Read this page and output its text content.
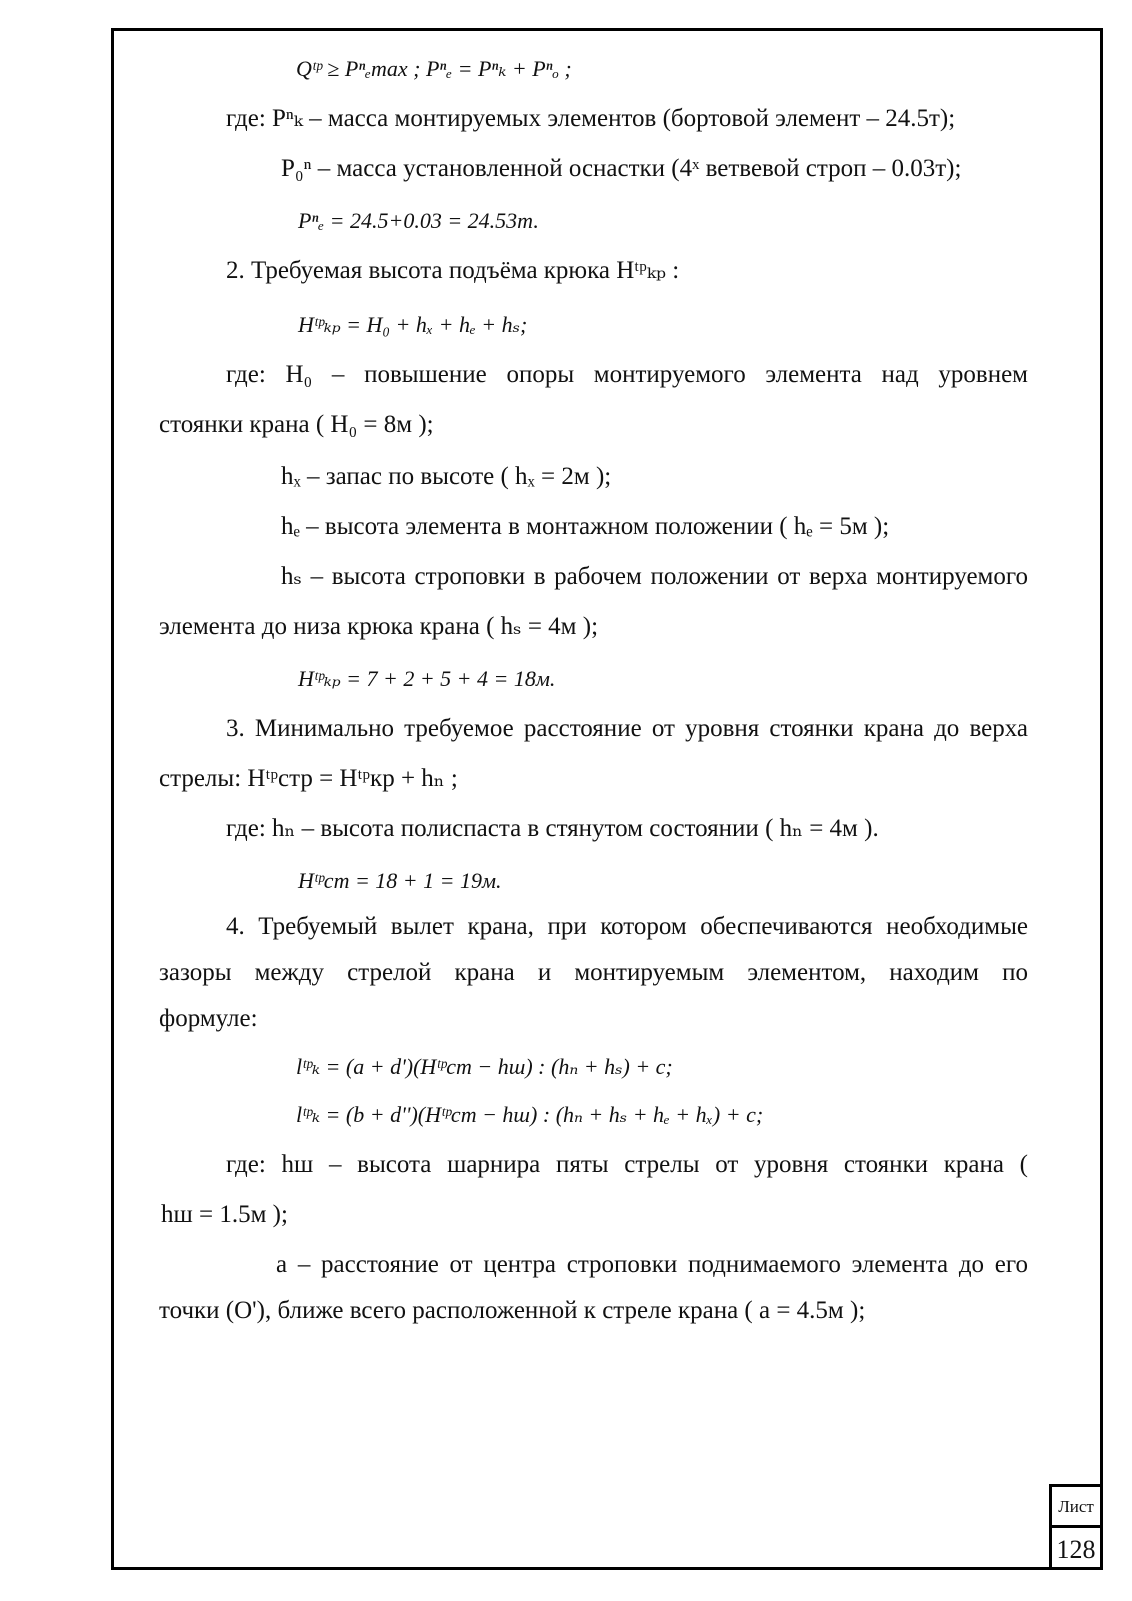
Qᵗᵖ ≥ Pⁿₑmax ; Pⁿₑ = Pⁿₖ + Pⁿₒ ;
где: Pⁿₖ – масса монтируемых элементов (бортовой элемент – 24.5т);
P₀ⁿ – масса установленной оснастки (4ˣ ветвевой строп – 0.03т);
Pⁿₑ = 24.5+0.03 = 24.53т.
2. Требуемая высота подъёма крюка Hᵗᵖₖₚ :
Hᵗᵖₖₚ = H₀ + hₓ + hₑ + hₛ;
где: H₀ – повышение опоры монтируемого элемента над уровнем
стоянки крана ( H₀ = 8м );
hₓ – запас по высоте ( hₓ = 2м );
hₑ – высота элемента в монтажном положении ( hₑ = 5м );
hₛ – высота строповки в рабочем положении от верха монтируемого
элемента до низа крюка крана ( hₛ = 4м );
Hᵗᵖₖₚ = 7 + 2 + 5 + 4 = 18м.
3. Минимально требуемое расстояние от уровня стоянки крана до верха
стрелы: Hᵗᵖстр = Hᵗᵖкр + hₙ ;
где: hₙ – высота полиспаста в стянутом состоянии ( hₙ = 4м ).
Hᵗᵖст = 18 + 1 = 19м.
4. Требуемый вылет крана, при котором обеспечиваются необходимые
зазоры между стрелой крана и монтируемым элементом, находим по
формуле:
lᵗᵖₖ = (a + d')(Hᵗᵖст − hш) : (hₙ + hₛ) + c;
lᵗᵖₖ = (b + d'')(Hᵗᵖст − hш) : (hₙ + hₛ + hₑ + hₓ) + c;
где: hш – высота шарнира пяты стрелы от уровня стоянки крана (
hш = 1.5м );
a – расстояние от центра строповки поднимаемого элемента до его
точки (O'), ближе всего расположенной к стреле крана ( a = 4.5м );
Лист
128
